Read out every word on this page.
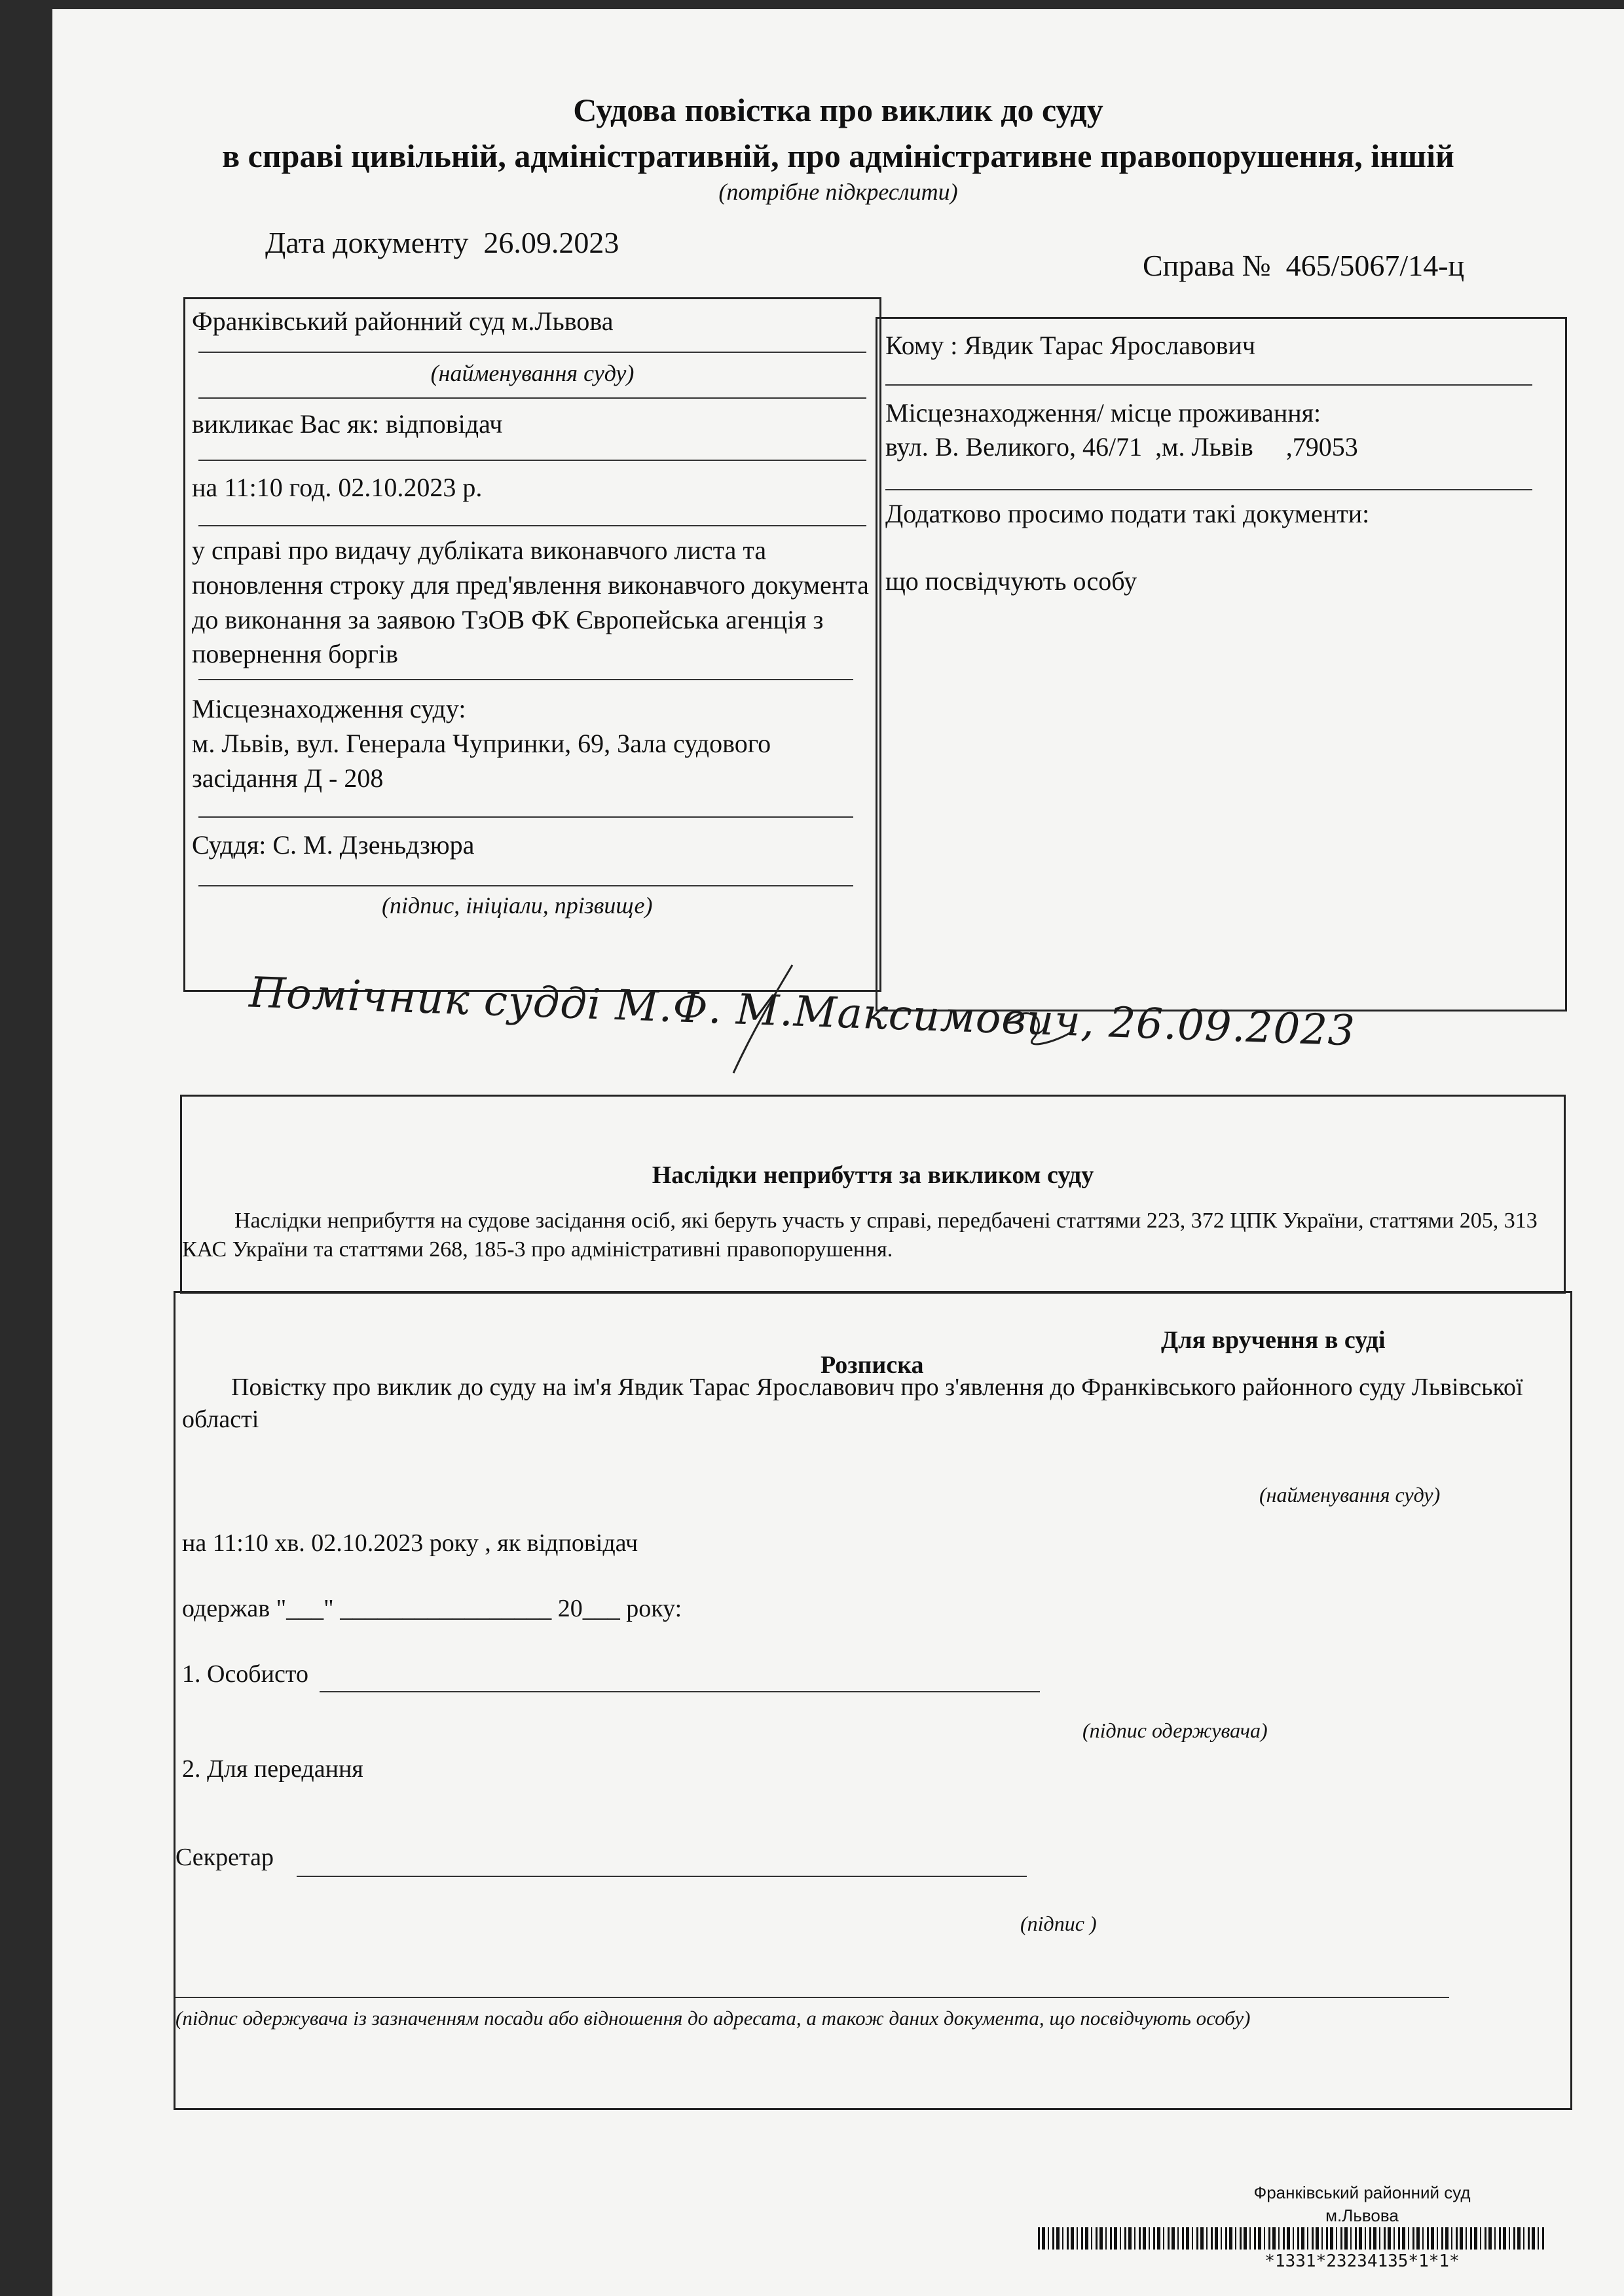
Судова повістка про виклик до суду
в справі цивільній, адміністративній, про адміністративне правопорушення, іншій
(потрібне підкреслити)
Дата документу 26.09.2023
Справа № 465/5067/14-ц
Франківський районний суд м.Львова
(найменування суду)
викликає Вас як: відповідач
на 11:10 год. 02.10.2023 р.
у справі про видачу дубліката виконавчого листа та поновлення строку для пред'явлення виконавчого документа до виконання за заявою ТзОВ ФК Європейська агенція з повернення боргів
Місцезнаходження суду:
м. Львів, вул. Генерала Чупринки, 69, Зала судового засідання Д - 208
Суддя: С. М. Дзеньдзюра
(підпис, ініціали, прізвище)
Кому : Явдик Тарас Ярославович
Місцезнаходження/ місце проживання:
вул. В. Великого, 46/71  ,м. Львів     ,79053
Додатково просимо подати такі документи:
що посвідчують особу
Помічник судді М.Ф. М.Максимович, 26.09.2023
Наслідки неприбуття за викликом суду
Наслідки неприбуття на судове засідання осіб, які беруть участь у справі, передбачені статтями 223, 372 ЦПК України, статтями 205, 313 КАС України та статтями 268, 185-3 про адміністративні правопорушення.
Для вручення в суді
Розписка
Повістку про виклик до суду на ім'я Явдик Тарас Ярославович про з'явлення до Франківського районного суду Львівської області
(найменування суду)
на 11:10 хв. 02.10.2023 року , як відповідач
одержав "___" _________________ 20___ року:
1. Особисто
(підпис одержувача)
2. Для передання
Секретар
(підпис )
(підпис одержувача із зазначенням посади або відношення до адресата, а також даних документа, що посвідчують особу)
Франківський районний суд
м.Львова
*1331*23234135*1*1*
